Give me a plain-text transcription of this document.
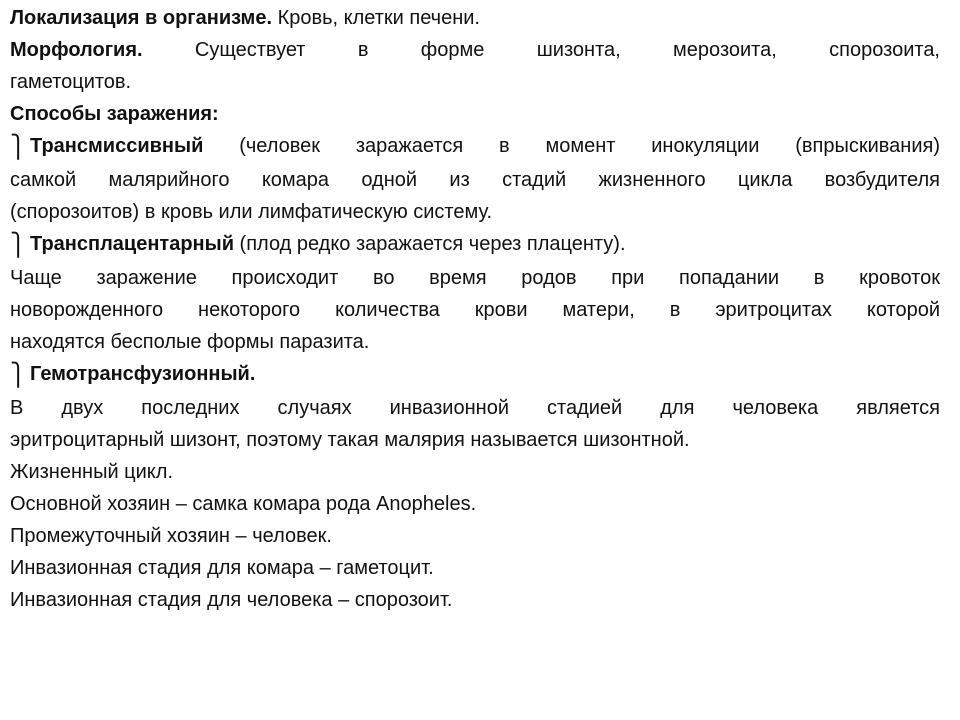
Локализация в организме. Кровь, клетки печени.

Морфология. Существует в форме шизонта, мерозоита, спорозоита,

гаметоцитов.

Способы заражения:

⎫ Трансмиссивный (человек заражается в момент инокуляции (впрыскивания)

самкой малярийного комара одной из стадий жизненного цикла возбудителя

(спорозоитов) в кровь или лимфатическую систему.

⎫ Трансплацентарный (плод редко заражается через плаценту).

Чаще заражение происходит во время родов при попадании в кровоток

новорожденного некоторого количества крови матери, в эритроцитах которой

находятся бесполые формы паразита.

⎫ Гемотрансфузионный.

В двух последних случаях инвазионной стадией для человека является

эритроцитарный шизонт, поэтому такая малярия называется шизонтной.

Жизненный цикл.

Основной хозяин – самка комара рода Anopheles.

Промежуточный хозяин – человек.

Инвазионная стадия для комара – гаметоцит.

Инвазионная стадия для человека – спорозоит.
